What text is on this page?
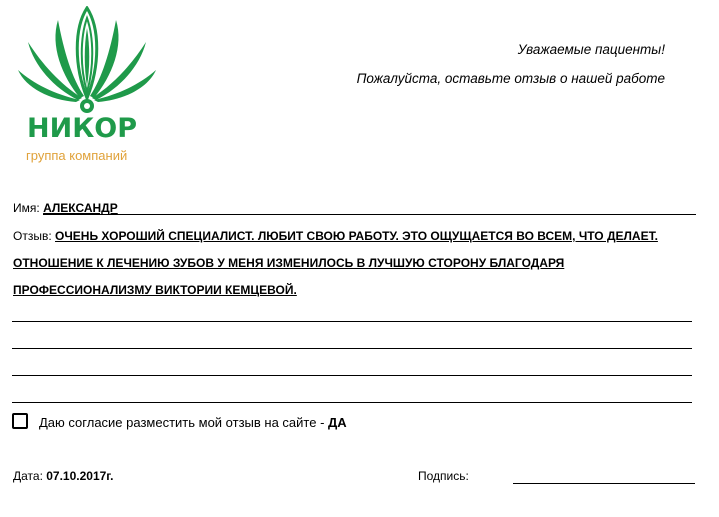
НИКОР
группа компаний
Уважаемые пациенты!
Пожалуйста, оставьте отзыв о нашей работе
Имя: АЛЕКСАНДР
Отзыв: ОЧЕНЬ ХОРОШИЙ СПЕЦИАЛИСТ. ЛЮБИТ СВОЮ РАБОТУ. ЭТО ОЩУЩАЕТСЯ ВО ВСЕМ, ЧТО ДЕЛАЕТ.
ОТНОШЕНИЕ К ЛЕЧЕНИЮ ЗУБОВ У МЕНЯ ИЗМЕНИЛОСЬ В ЛУЧШУЮ СТОРОНУ БЛАГОДАРЯ
ПРОФЕССИОНАЛИЗМУ ВИКТОРИИ КЕМЦЕВОЙ.
Даю согласие разместить мой отзыв на сайте - ДА
Дата: 07.10.2017г.	Подпись:
